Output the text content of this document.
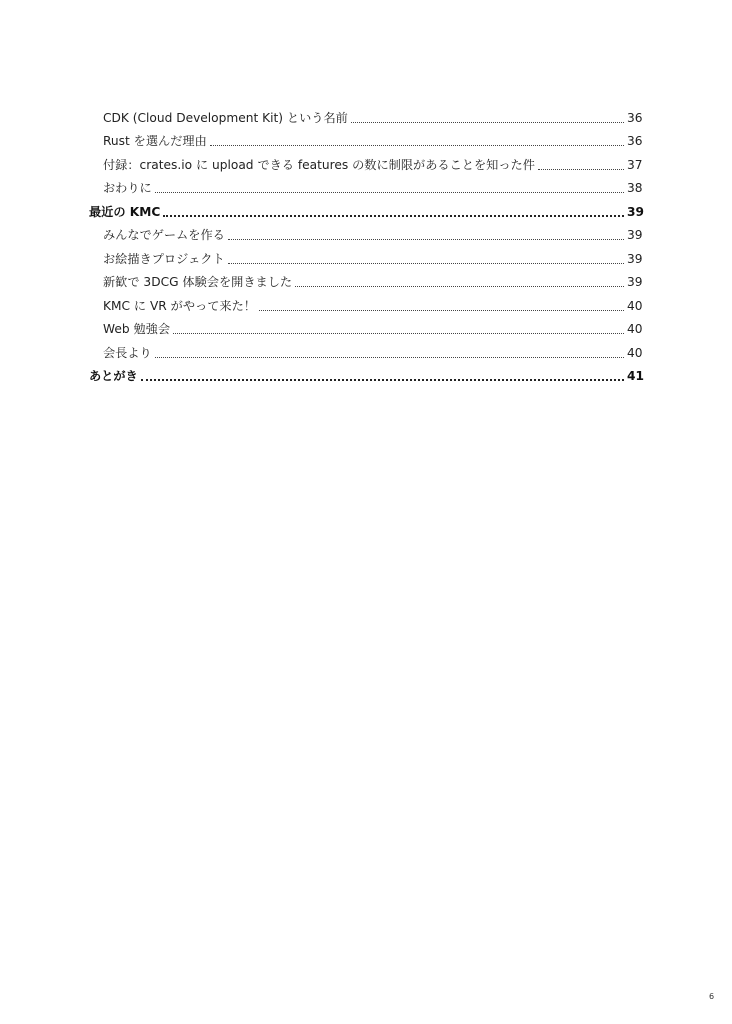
CDK (Cloud Development Kit) という名前	36
Rust を選んだ理由	36
付録：crates.io に upload できる features の数に制限があることを知った件	37
おわりに	38
最近の KMC	39
みんなでゲームを作る	39
お絵描きプロジェクト	39
新歓で 3DCG 体験会を開きました	39
KMC に VR がやって来た！	40
Web 勉強会	40
会長より	40
あとがき	41
6
